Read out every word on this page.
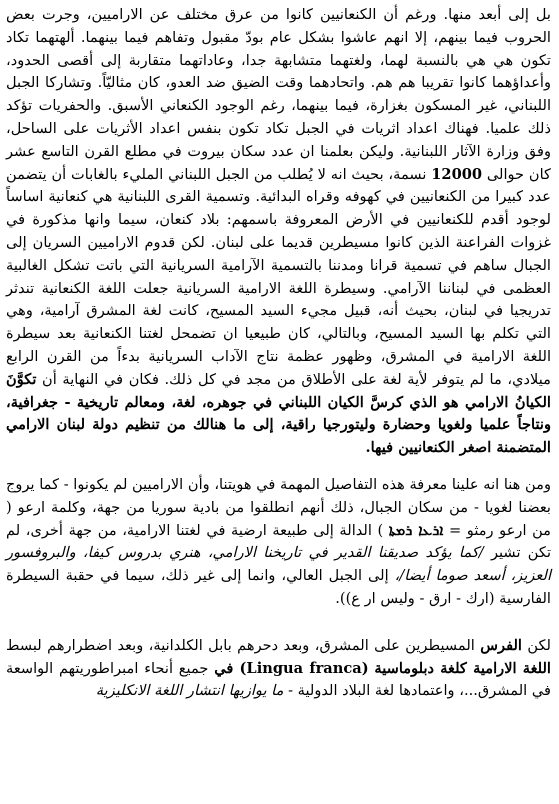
بل إلى أبعد منها. ورغم أن الكنعانيين كانوا من عرق مختلف عن الاراميين، وجرت بعض الحروب فيما بينهم، إلا انهم عاشوا بشكل عام بودّ مقبول وتفاهم فيما بينهما. ألهتهما تكاد تكون هي هي بالنسبة لهما، ولغتهما متشابهة جدا، وعاداتهما متقاربة إلى أقصى الحدود، وأعداؤهما كانوا تقريبا هم هم. واتحادهما وقت الضيق ضد العدو، كان مثاليّاً. وتشاركا الجبل اللبناني، غير المسكون بغزارة، فيما بينهما، رغم الوجود الكنعاني الأسبق. والحفريات تؤكد ذلك علميا. فهناك اعداد اثريات في الجبل تكاد تكون بنفس اعداد الأثريات على الساحل، وفق وزارة الآثار اللبنانية. وليكن بعلمنا ان عدد سكان بيروت في مطلع القرن التاسع عشر كان حوالى 12000 نسمة، بحيث انه لا يُطلب من الجبل اللبناني المليء بالغابات أن يتضمن عدد كبيرا من الكنعانيين في كهوفه وقراه البدائية. وتسمية القرى اللبنانية هي كنعانية اساساً لوجود أقدم للكنعانيين في الأرض المعروفة باسمهم: بلاد كنعان، سيما وانها مذكورة في غزوات الفراعنة الذين كانوا مسيطرين قديما على لبنان. لكن قدوم الاراميين السريان إلى الجبال ساهم في تسمية قرانا ومدننا بالتسمية الآرامية السريانية التي باتت تشكل الغالبية العظمى في لبناننا الآرامي. وسيطرة اللغة الارامية السريانية جعلت اللغة الكنعانية تندثر تدريجيا في لبنان، بحيث أنه، قبيل مجيء السيد المسيح، كانت لغة المشرق آرامية، وهي التي تكلم بها السيد المسيح، وبالتالي، كان طبيعيا ان تضمحل لغتنا الكنعانية بعد سيطرة اللغة الارامية في المشرق، وظهور عظمة نتاج الآداب السريانية بدءاً من القرن الرابع ميلادي، ما لم يتوفر لأية لغة على الأطلاق من مجد في كل ذلك. فكان في النهاية أن تكوَّنَ الكيانُ الارامي هو الذي كرسَّ الكيان اللبناني في جوهره، لغة، ومعالم تاريخية - جغرافية، ونتاجاً علميا ولغويا وحضارة وليتورجيا راقية، إلى ما هنالك من تنظيم دولة لبنان الارامي المتضمنة اصغر الكنعانيين فيها.

ومن هنا انه علينا معرفة هذه التفاصيل المهمة في هويتنا، وأن الاراميين لم يكونوا - كما يروج بعضنا لغويا - من سكان الجبال، ذلك أنهم انطلقوا من بادية سوريا من جهة، وكلمة ارعو ( من ارعو رمثو = ܐܪܥܐ ܪܡܬܐ ) الدالة إلى طبيعة ارضية في لغتنا الارامية، من جهة أخرى، لم تكن تشير /كما يؤكد صديقنا القدير في تاريخنا الارامي، هنري بدروس كيفا، والبروفسور العزيز، أسعد صوما أيضا/، إلى الجبل العالي، وانما إلى غير ذلك، سيما في حقبة السيطرة الفارسية (ارك - ارق - وليس ار ع)).

لكن الفرس المسيطرين على المشرق، وبعد دحرهم بابل الكلدانية، وبعد اضطرارهم لبسط اللغة الارامية كلغة دبلوماسية (Lingua franca) في جميع أنحاء امبراطوريتهم الواسعة في المشرق...، واعتمادها لغة البلاد الدولية - ما يوازيها انتشار اللغة الانكليزية
